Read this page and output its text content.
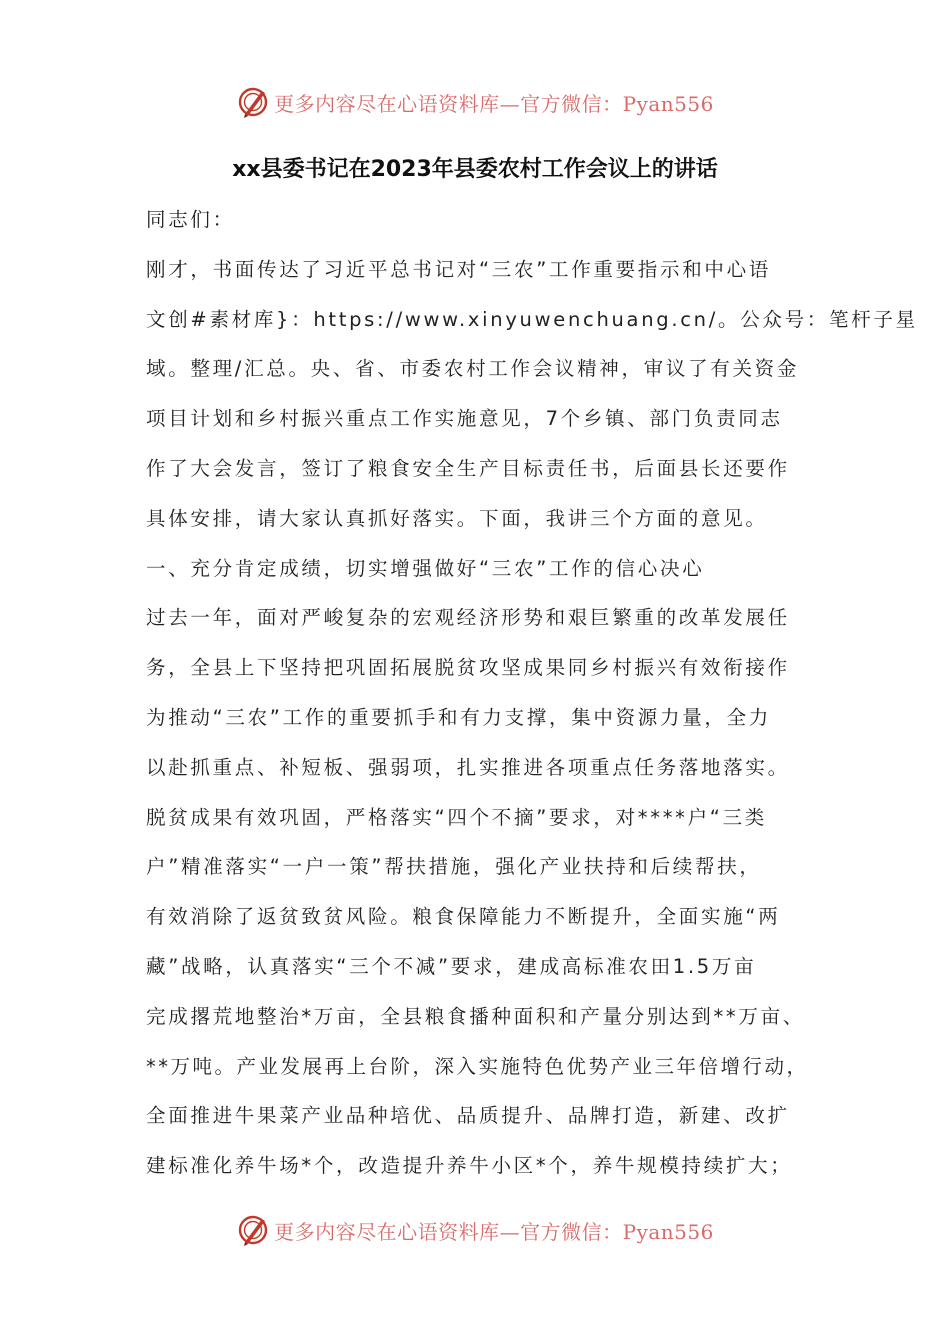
更多内容尽在心语资料库—官方微信：Pyan556
xx县委书记在2023年县委农村工作会议上的讲话
同志们：
刚才，书面传达了习近平总书记对“三农”工作重要指示和中心语
文创#素材库}：https://www.xinyuwenchuang.cn/。公众号：笔杆子星
域。整理/汇总。央、省、市委农村工作会议精神，审议了有关资金
项目计划和乡村振兴重点工作实施意见，7个乡镇、部门负责同志
作了大会发言，签订了粮食安全生产目标责任书，后面县长还要作
具体安排，请大家认真抓好落实。下面，我讲三个方面的意见。
一、充分肯定成绩，切实增强做好“三农”工作的信心决心
过去一年，面对严峻复杂的宏观经济形势和艰巨繁重的改革发展任
务，全县上下坚持把巩固拓展脱贫攻坚成果同乡村振兴有效衔接作
为推动“三农”工作的重要抓手和有力支撑，集中资源力量，全力
以赴抓重点、补短板、强弱项，扎实推进各项重点任务落地落实。
脱贫成果有效巩固，严格落实“四个不摘”要求，对****户“三类
户”精准落实“一户一策”帮扶措施，强化产业扶持和后续帮扶，
有效消除了返贫致贫风险。粮食保障能力不断提升，全面实施“两
藏”战略，认真落实“三个不减”要求，建成高标准农田1.5万亩
完成撂荒地整治*万亩，全县粮食播种面积和产量分别达到**万亩、
**万吨。产业发展再上台阶，深入实施特色优势产业三年倍增行动，
全面推进牛果菜产业品种培优、品质提升、品牌打造，新建、改扩
建标准化养牛场*个，改造提升养牛小区*个，养牛规模持续扩大；
更多内容尽在心语资料库—官方微信：Pyan556
